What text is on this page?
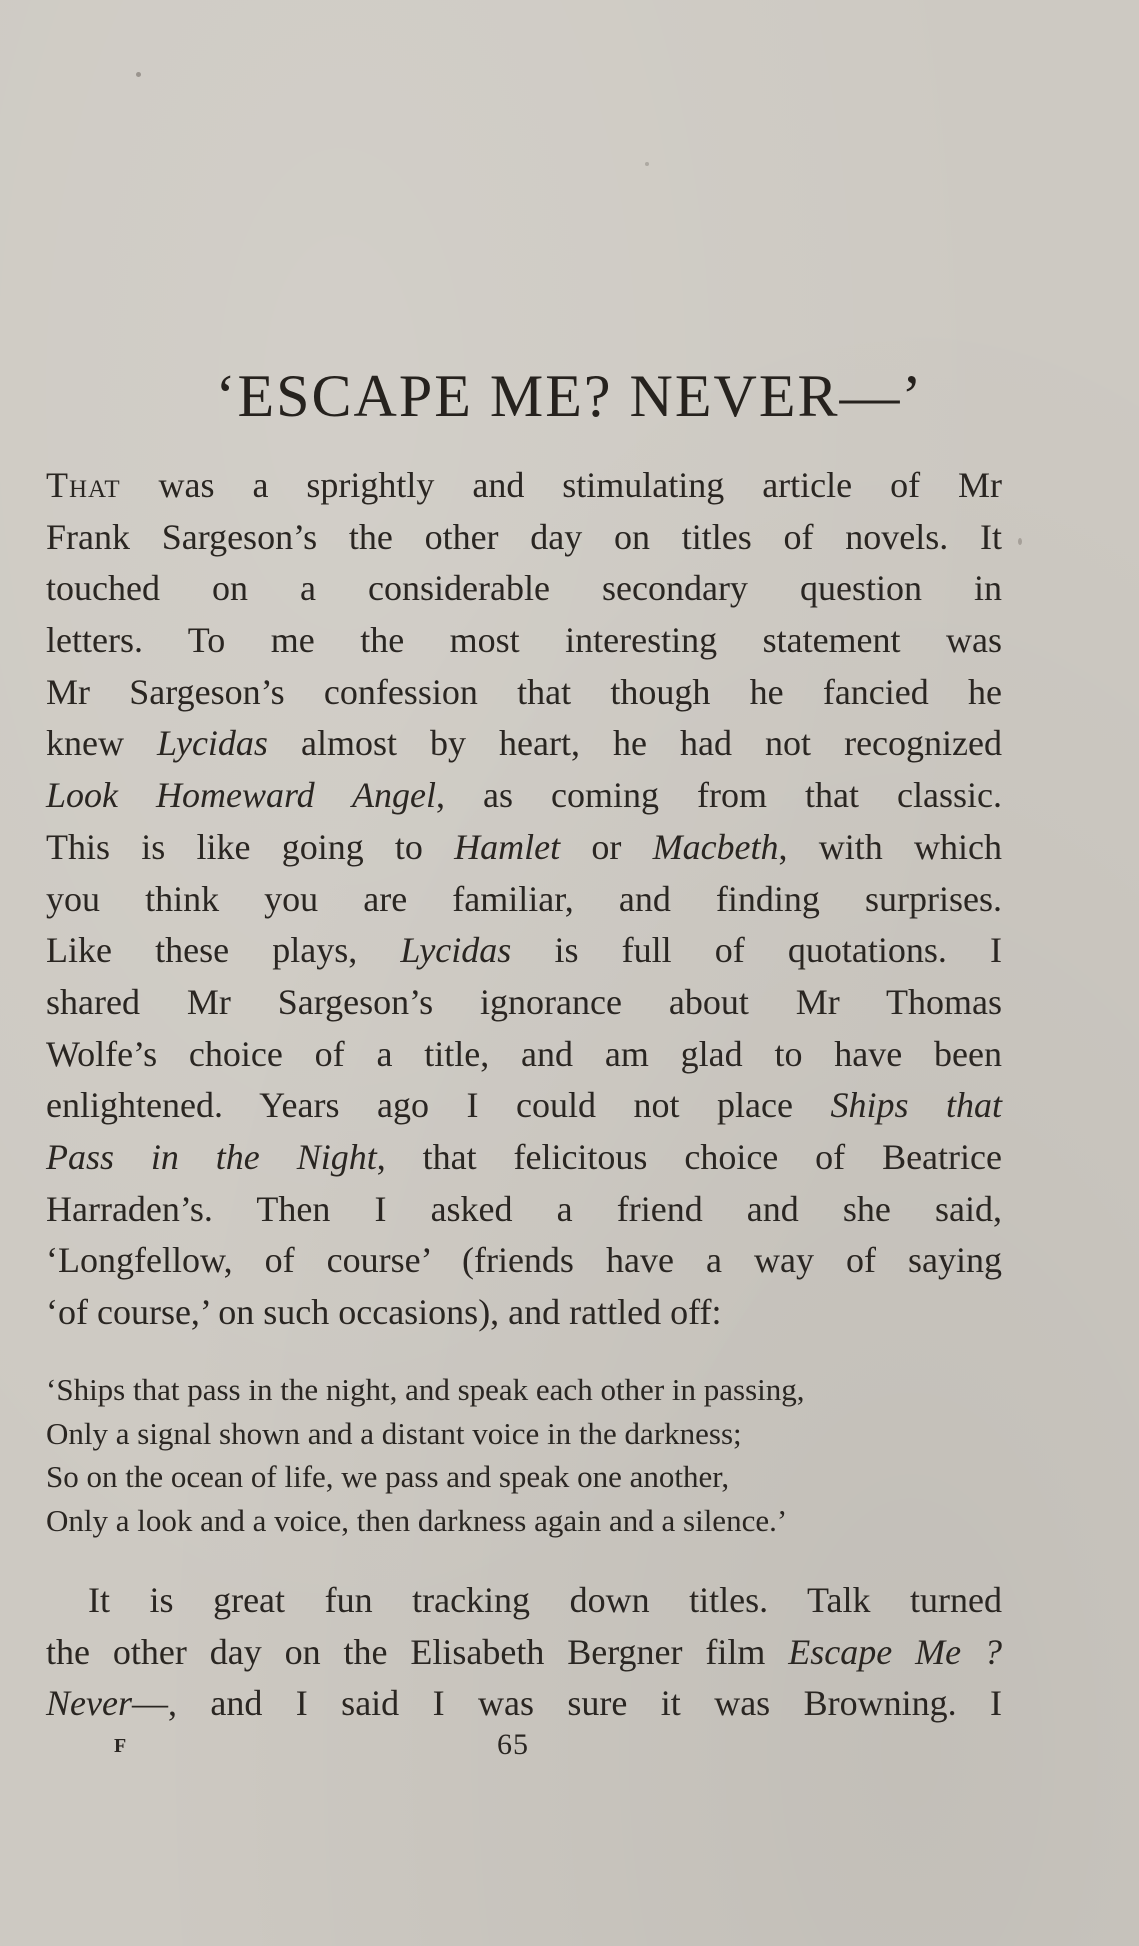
‘ESCAPE ME? NEVER—’
That was a sprightly and stimulating article of Mr
Frank Sargeson’s the other day on titles of novels. It
touched on a considerable secondary question in
letters. To me the most interesting statement was
Mr Sargeson’s confession that though he fancied he
knew Lycidas almost by heart, he had not recognized
Look Homeward Angel, as coming from that classic.
This is like going to Hamlet or Macbeth, with which
you think you are familiar, and finding surprises.
Like these plays, Lycidas is full of quotations. I
shared Mr Sargeson’s ignorance about Mr Thomas
Wolfe’s choice of a title, and am glad to have been
enlightened. Years ago I could not place Ships that
Pass in the Night, that felicitous choice of Beatrice
Harraden’s. Then I asked a friend and she said,
‘Longfellow, of course’ (friends have a way of saying
‘of course,’ on such occasions), and rattled off:
‘Ships that pass in the night, and speak each other in passing,
Only a signal shown and a distant voice in the darkness;
So on the ocean of life, we pass and speak one another,
Only a look and a voice, then darkness again and a silence.’
It is great fun tracking down titles. Talk turned
the other day on the Elisabeth Bergner film Escape Me ?
Never—, and I said I was sure it was Browning. I
F	65
